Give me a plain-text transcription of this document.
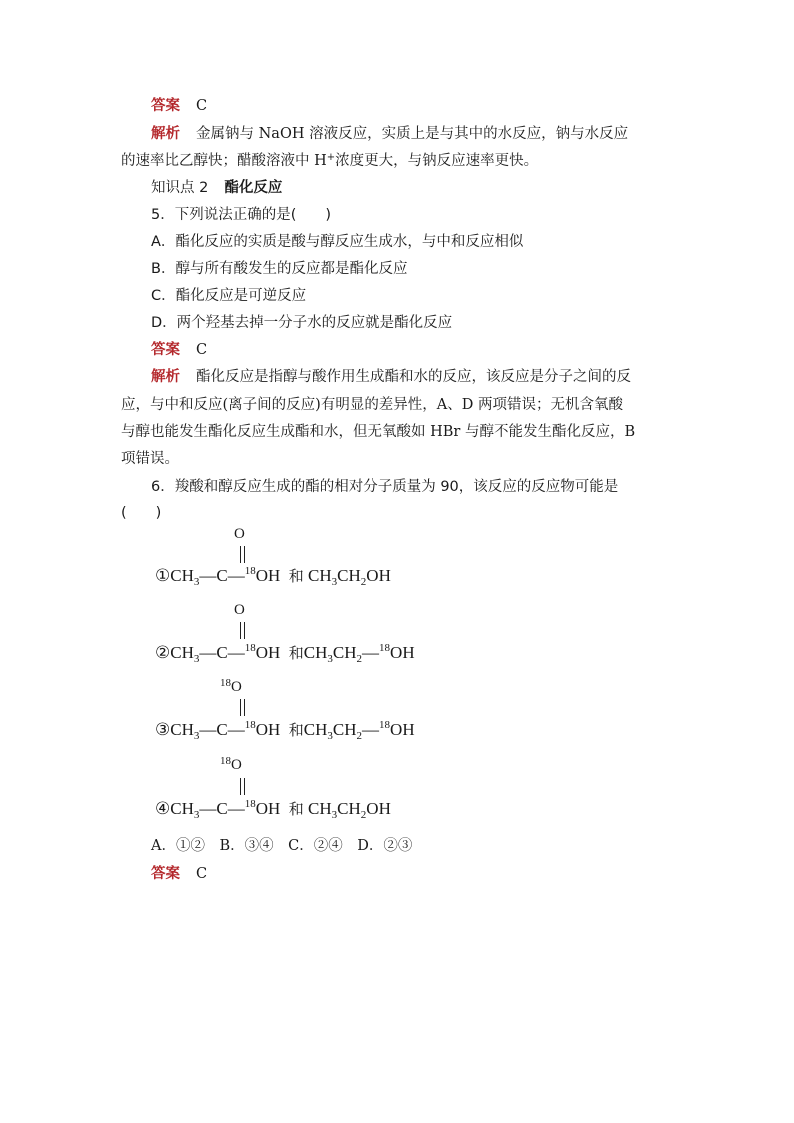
答案 C
解析 金属钠与 NaOH 溶液反应，实质上是与其中的水反应，钠与水反应
的速率比乙醇快；醋酸溶液中 H+浓度更大，与钠反应速率更快。
知识点 2 酯化反应
5．下列说法正确的是(　　)
A．酯化反应的实质是酸与醇反应生成水，与中和反应相似
B．醇与所有酸发生的反应都是酯化反应
C．酯化反应是可逆反应
D．两个羟基去掉一分子水的反应就是酯化反应
答案 C
解析 酯化反应是指醇与酸作用生成酯和水的反应，该反应是分子之间的反
应，与中和反应(离子间的反应)有明显的差异性，A、D 两项错误；无机含氧酸
与醇也能发生酯化反应生成酯和水，但无氧酸如 HBr 与醇不能发生酯化反应，B
项错误。
6．羧酸和醇反应生成的酯的相对分子质量为 90，该反应的反应物可能是
(　　)
O
$①CH_3—C—^{18}OH$  和 $CH_3CH_2OH$
O
$②CH_3—C—^{18}OH$  和$CH_3CH_2—^{18}OH$
$^{18}$O
$③CH_3—C—^{18}OH$  和$CH_3CH_2—^{18}OH$
$^{18}$O
$④CH_3—C—^{18}OH$  和 $CH_3CH_2OH$
A．①②　B．③④　C．②④　D．②③
答案 C
